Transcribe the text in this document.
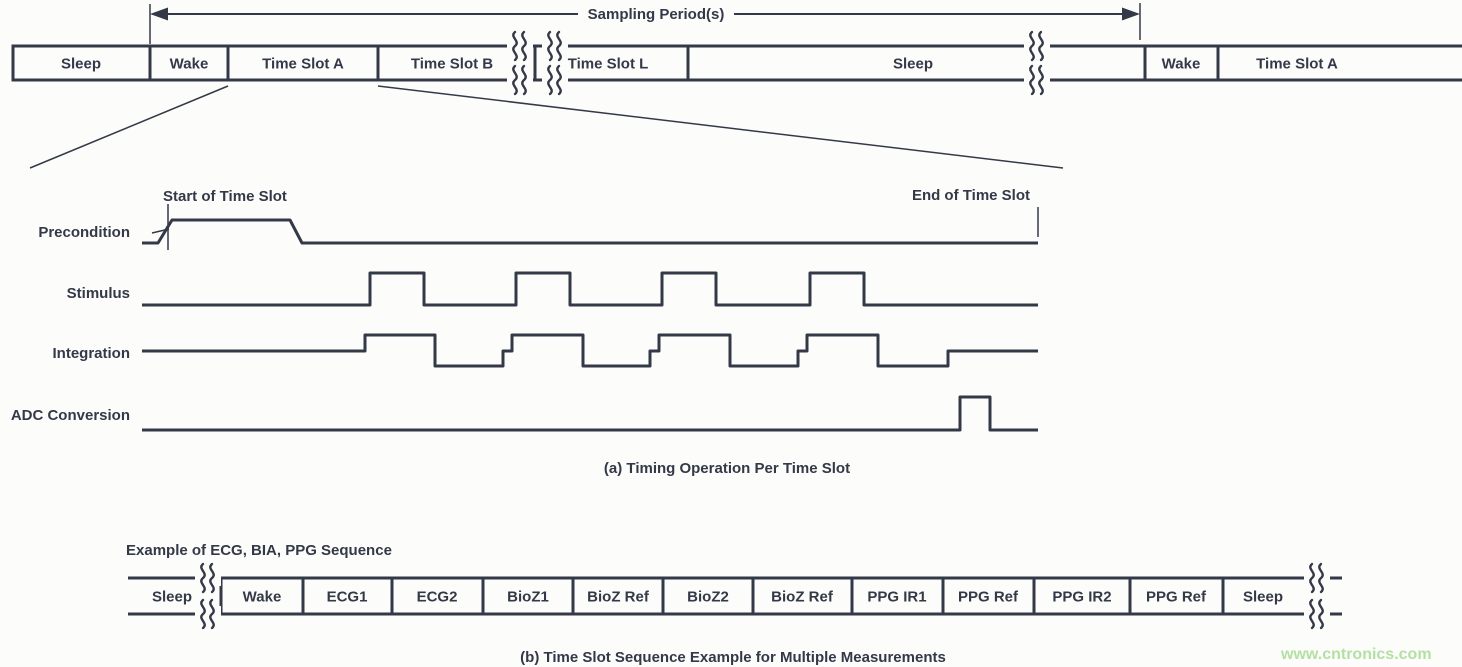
Sampling Period(s)
Start of Time Slot	End of Time Slot
Precondition
Stimulus
Integration
ADC Conversion
(a) Timing Operation Per Time Slot
Example of ECG, BIA, PPG Sequence
(b) Time Slot Sequence Example for Multiple Measurements	www.cntronics.com
Sleep	Wake	Time Slot A	Time Slot B	Time Slot L	Sleep	Wake	Time Slot A
Sleep	Wake	ECG1	ECG2	BioZ1	BioZ Ref	BioZ2	BioZ Ref PPG IR1 PPG Ref PPG IR2 PPG Ref Sleep
